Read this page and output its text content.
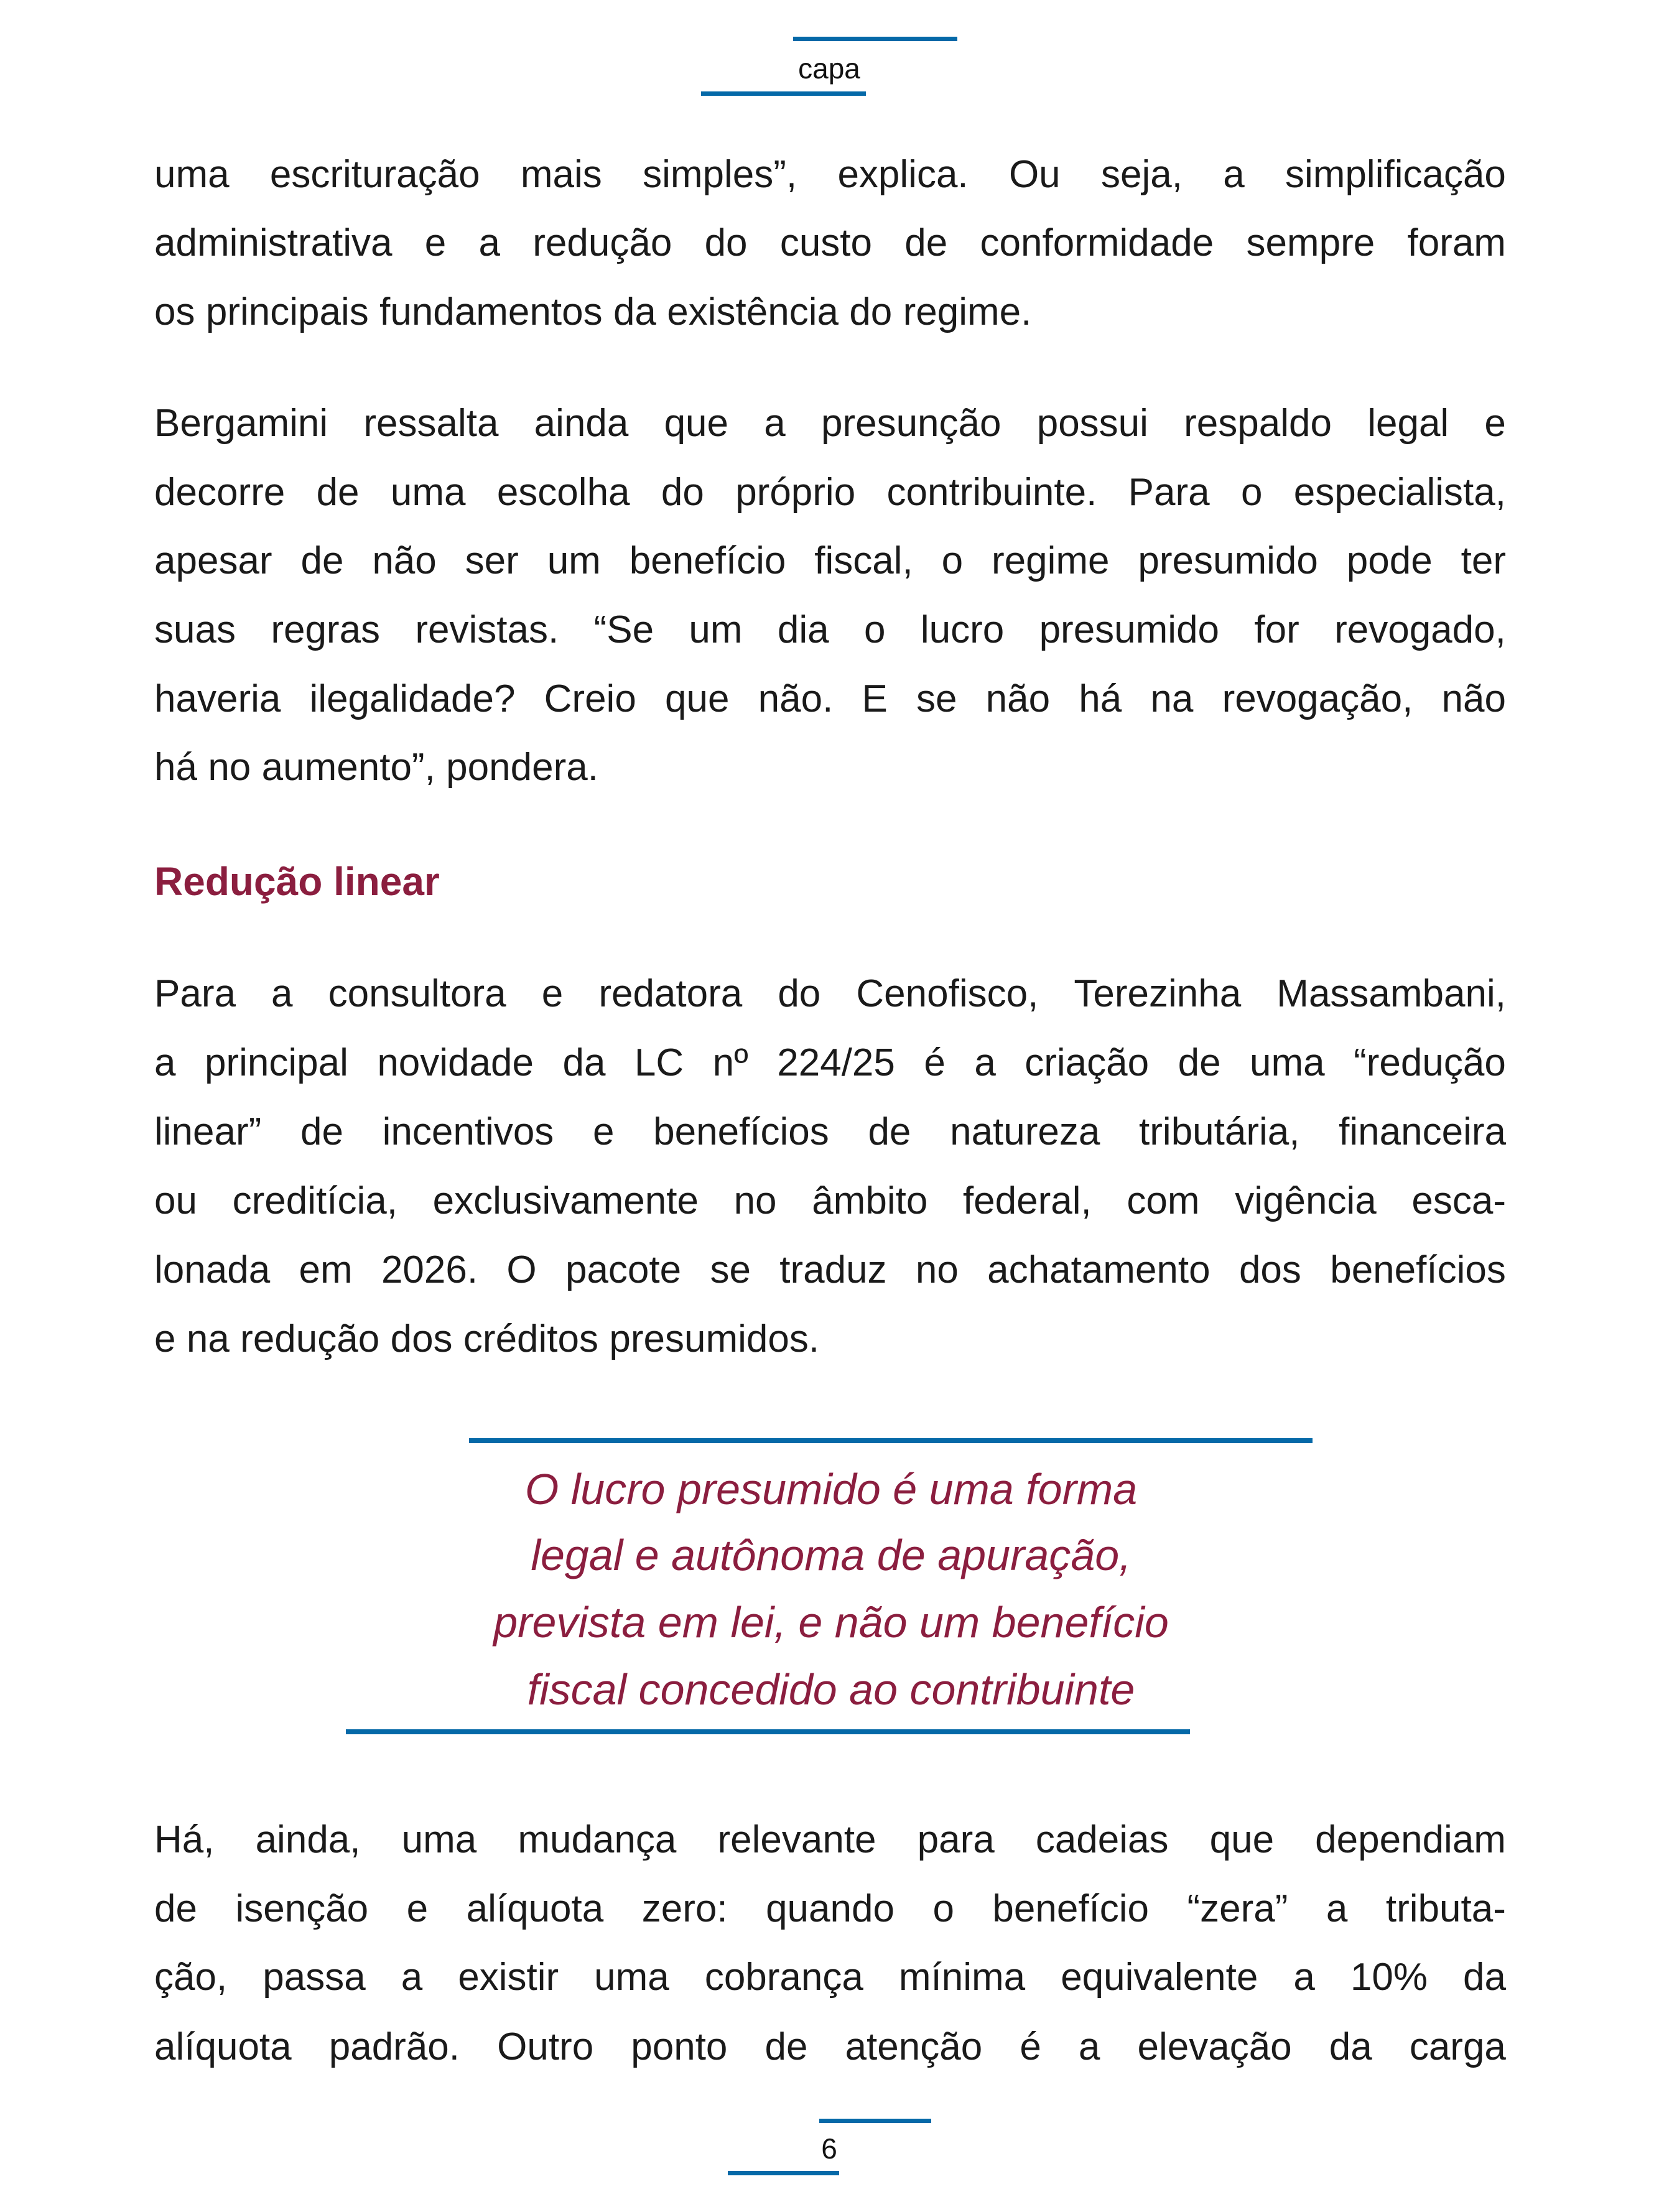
capa
uma escrituração mais simples”, explica. Ou seja, a simplificação
administrativa e a redução do custo de conformidade sempre foram
os principais fundamentos da existência do regime.
Bergamini ressalta ainda que a presunção possui respaldo legal e
decorre de uma escolha do próprio contribuinte. Para o especialista,
apesar de não ser um benefício fiscal, o regime presumido pode ter
suas regras revistas. “Se um dia o lucro presumido for revogado,
haveria ilegalidade? Creio que não. E se não há na revogação, não
há no aumento”, pondera.
Redução linear
Para a consultora e redatora do Cenofisco, Terezinha Massambani,
a principal novidade da LC nº 224/25 é a criação de uma “redução
linear” de incentivos e benefícios de natureza tributária, financeira
ou creditícia, exclusivamente no âmbito federal, com vigência esca-
lonada em 2026. O pacote se traduz no achatamento dos benefícios
e na redução dos créditos presumidos.
O lucro presumido é uma forma
legal e autônoma de apuração,
prevista em lei, e não um benefício
fiscal concedido ao contribuinte
Há, ainda, uma mudança relevante para cadeias que dependiam
de isenção e alíquota zero: quando o benefício “zera” a tributa-
ção, passa a existir uma cobrança mínima equivalente a 10% da
alíquota padrão. Outro ponto de atenção é a elevação da carga
6
